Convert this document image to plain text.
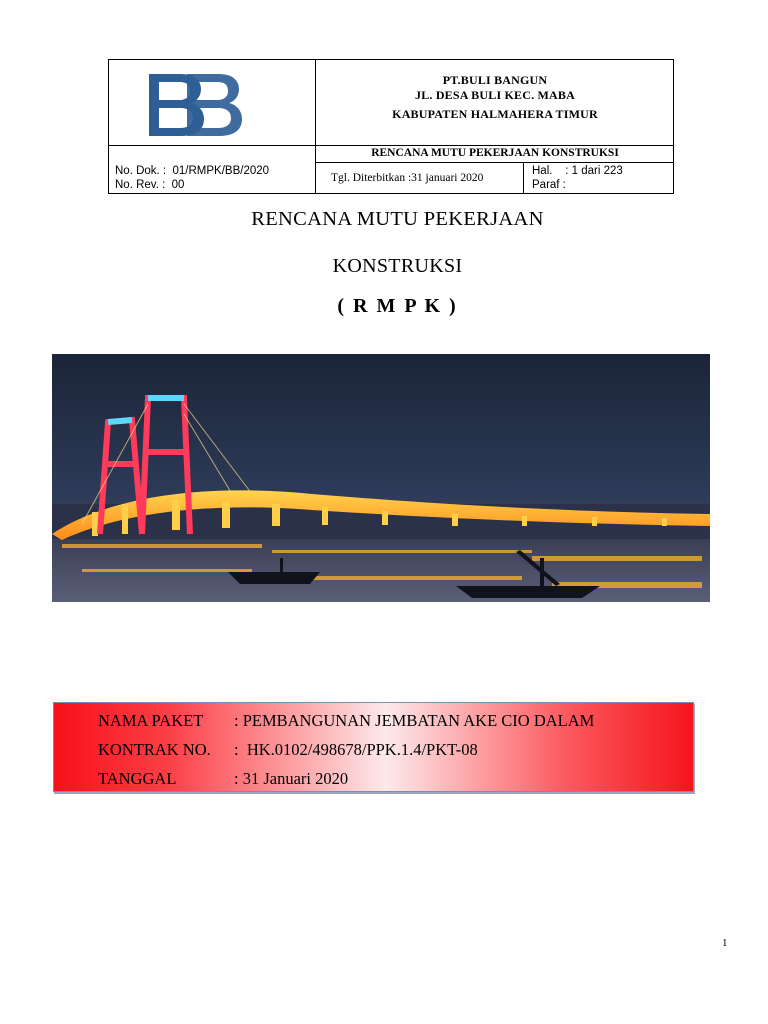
PT.BULI BANGUN
JL. DESA BULI KEC. MABA
KABUPATEN HALMAHERA TIMUR
RENCANA MUTU PEKERJAAN KONSTRUKSI
No. Dok. :  01/RMPK/BB/2020
No. Rev. :  00
Tgl. Diterbitkan :31 januari 2020
Hal.    : 1 dari 223
Paraf :
RENCANA MUTU PEKERJAAN
KONSTRUKSI
( R M P K )
NAMA PAKET : PEMBANGUNAN JEMBATAN AKE CIO DALAM
KONTRAK NO. :  HK.0102/498678/PPK.1.4/PKT-08
TANGGAL	: 31 Januari 2020
1
